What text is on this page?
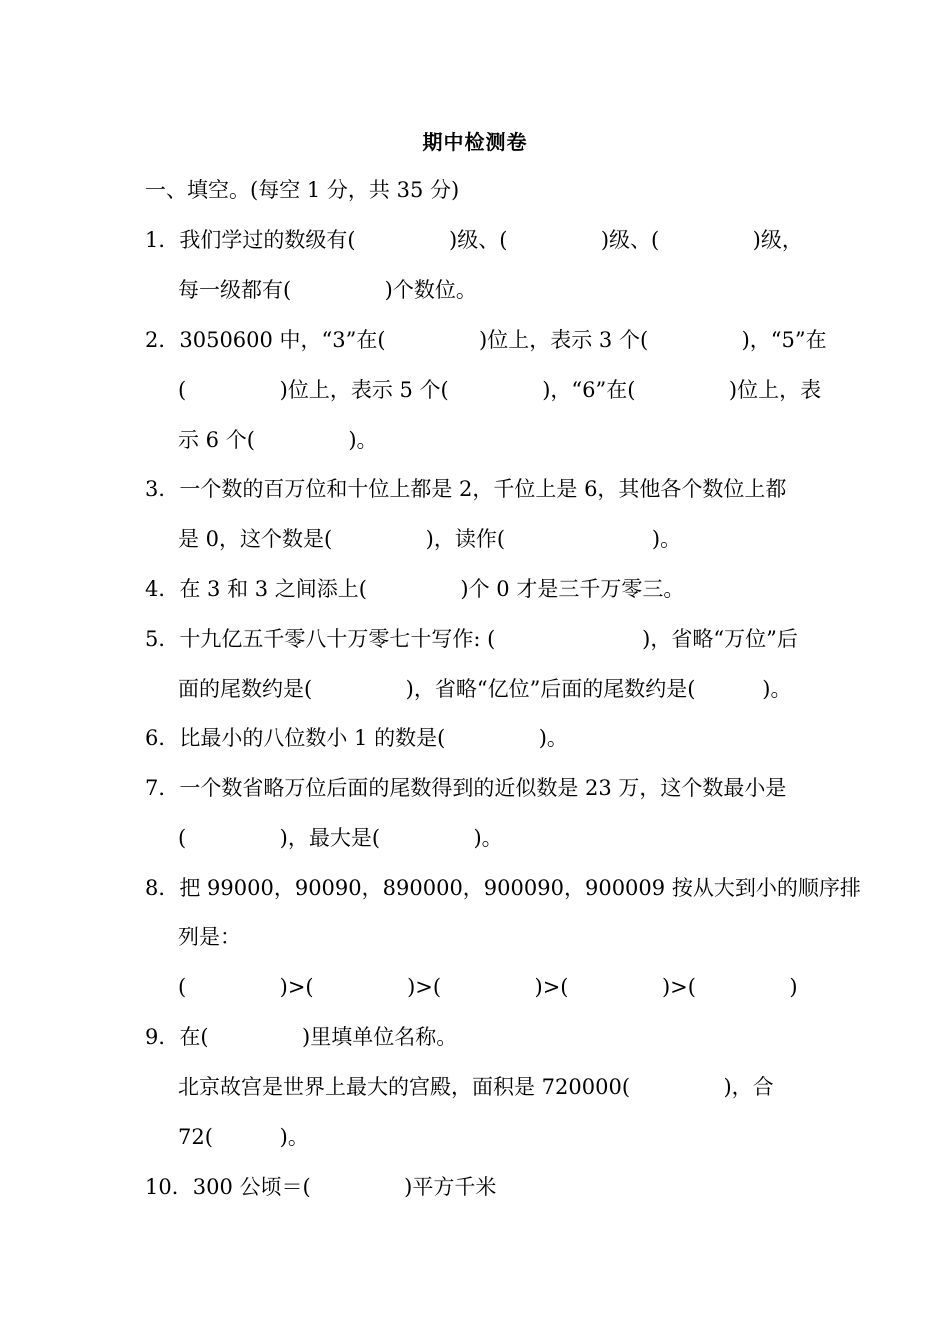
期中检测卷
一、填空。(每空 1 分，共 35 分)
1．我们学过的数级有(              )级、(              )级、(              )级，
每一级都有(              )个数位。
2．3050600 中，“3”在(              )位上，表示 3 个(              )，“5”在
(              )位上，表示 5 个(              )，“6”在(              )位上，表
示 6 个(              )。
3．一个数的百万位和十位上都是 2，千位上是 6，其他各个数位上都
是 0，这个数是(              )，读作(                      )。
4．在 3 和 3 之间添上(              )个 0 才是三千万零三。
5．十九亿五千零八十万零七十写作: (                      )，省略“万位”后
面的尾数约是(              )，省略“亿位”后面的尾数约是(          )。
6．比最小的八位数小 1 的数是(              )。
7．一个数省略万位后面的尾数得到的近似数是 23 万，这个数最小是
(              )，最大是(              )。
8．把 99000，90090，890000，900090，900009 按从大到小的顺序排
列是：
(              )>(              )>(              )>(              )>(              )
9．在(              )里填单位名称。
北京故宫是世界上最大的宫殿，面积是 720000(              )，合
72(          )。
10．300 公顷＝(              )平方千米
